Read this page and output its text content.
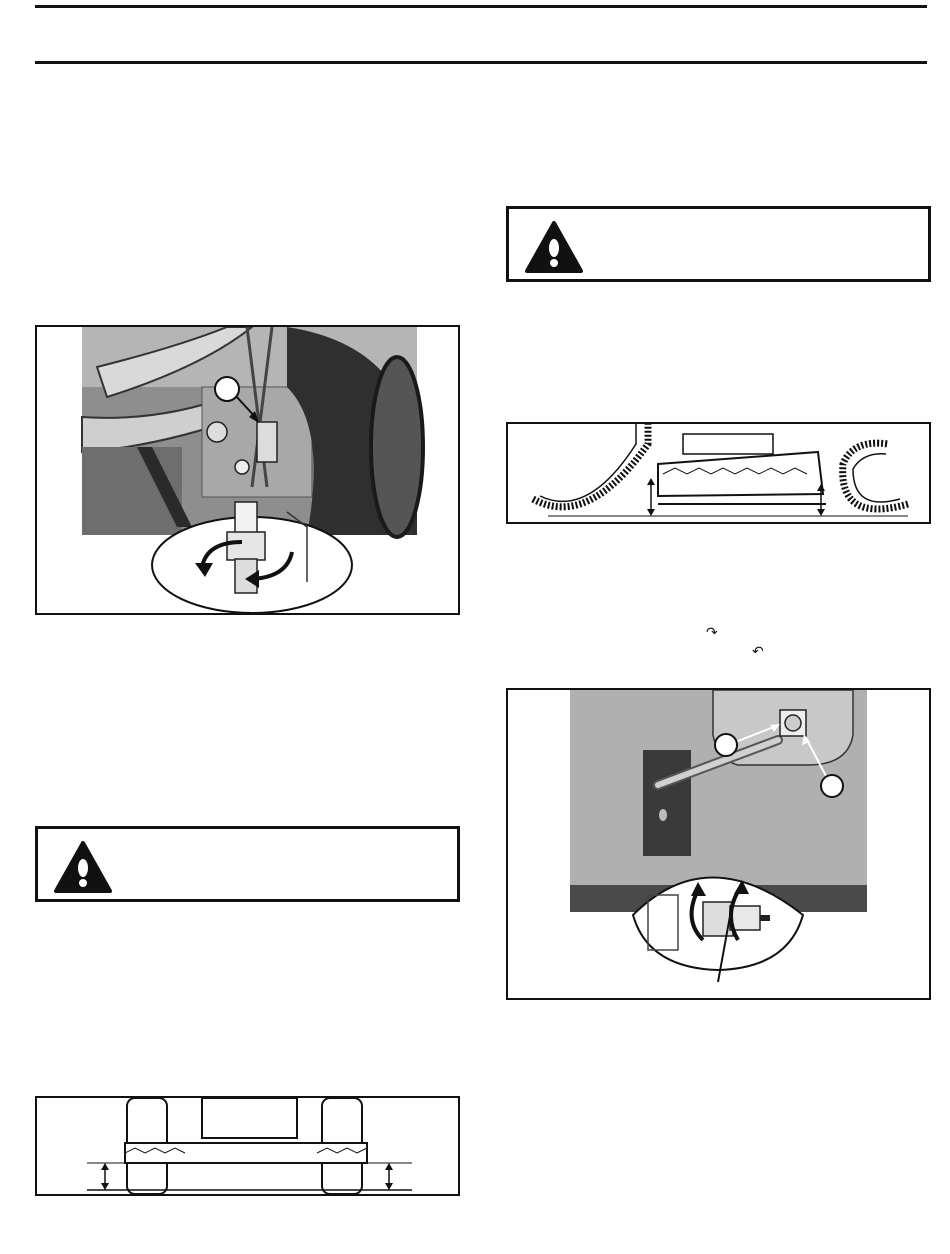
↷
↶
